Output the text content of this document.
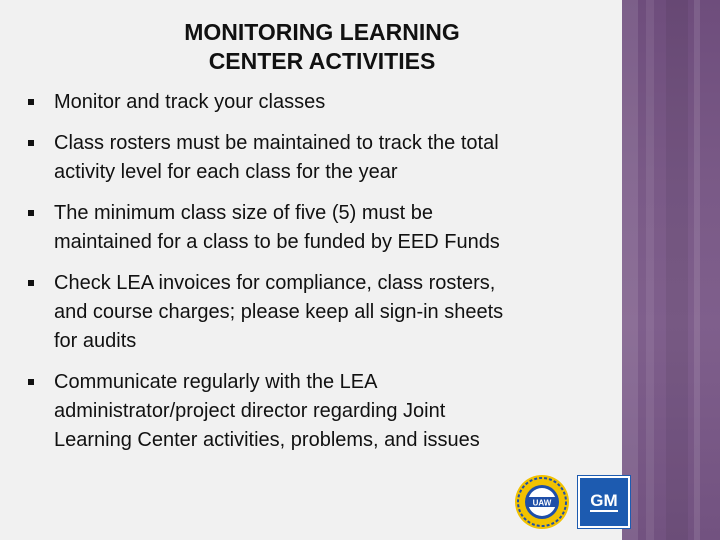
MONITORING LEARNING
CENTER ACTIVITIES
Monitor and track your classes
Class rosters must be maintained to track the total
activity level for each class for the year
The minimum class size of five (5) must be
maintained for a class to be funded by EED Funds
Check LEA invoices for compliance, class rosters,
and course charges; please keep all sign-in sheets
for audits
Communicate regularly with the LEA
administrator/project director regarding Joint
Learning Center activities, problems, and issues
UAW GM
